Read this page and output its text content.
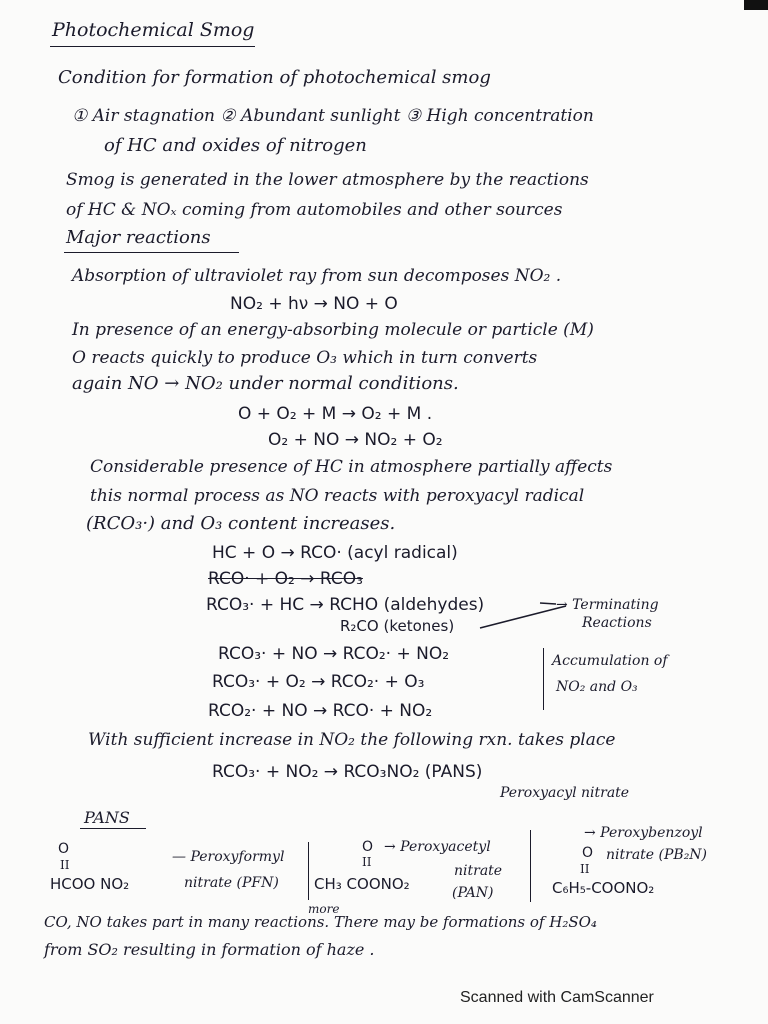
Photochemical Smog
Condition for formation of photochemical smog
① Air stagnation ② Abundant sunlight ③ High concentration
of HC and oxides of nitrogen
Smog is generated in the lower atmosphere by the reactions
of HC & NOₓ coming from automobiles and other sources
Major reactions
Absorption of ultraviolet ray from sun decomposes NO₂ .
NO₂ + hν → NO + O
In presence of an energy-absorbing molecule or particle (M)
O reacts quickly to produce O₃ which in turn converts
again NO → NO₂ under normal conditions.
O + O₂ + M → O₂ + M .
O₂ + NO → NO₂ + O₂
Considerable presence of HC in atmosphere partially affects
this normal process as NO reacts with peroxyacyl radical
(RCO₃·) and O₃ content increases.
HC + O → RCO· (acyl radical)
RCO· + O₂ → RCO₃
RCO₃· + HC → RCHO (aldehydes)
R₂CO (ketones)
→ Terminating
Reactions
RCO₃· + NO → RCO₂· + NO₂
RCO₃· + O₂ → RCO₂· + O₃
RCO₂· + NO → RCO· + NO₂
Accumulation of
NO₂ and O₃
With sufficient increase in NO₂ the following rxn. takes place
RCO₃· + NO₂ → RCO₃NO₂ (PANS)
Peroxyacyl nitrate
PANS
O
II
HCOO NO₂
— Peroxyformyl
nitrate (PFN)
O
II
CH₃ COONO₂
→ Peroxyacetyl
nitrate
(PAN)
→ Peroxybenzoyl
O nitrate (PB₂N)
II
C₆H₅-COONO₂
more
CO, NO takes part in many reactions. There may be formations of H₂SO₄
from SO₂ resulting in formation of haze .
Scanned with CamScanner
